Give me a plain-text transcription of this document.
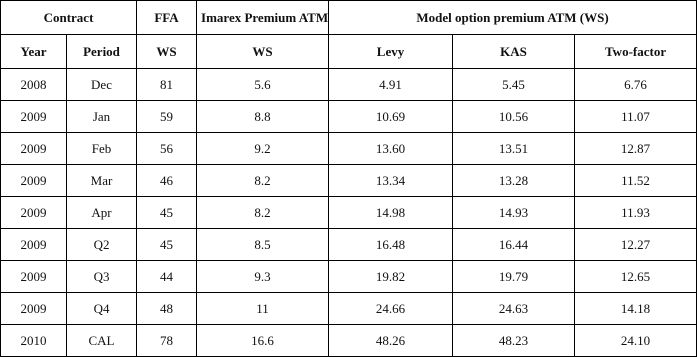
Contract		FFA	Imarex Premium ATM	Model option premium ATM (WS)		
Year	Period	WS	WS	Levy	KAS	Two-factor
2008	Dec	81	5.6	4.91	5.45	6.76
2009	Jan	59	8.8	10.69	10.56	11.07
2009	Feb	56	9.2	13.60	13.51	12.87
2009	Mar	46	8.2	13.34	13.28	11.52
2009	Apr	45	8.2	14.98	14.93	11.93
2009	Q2	45	8.5	16.48	16.44	12.27
2009	Q3	44	9.3	19.82	19.79	12.65
2009	Q4	48	11	24.66	24.63	14.18
2010	CAL	78	16.6	48.26	48.23	24.10
